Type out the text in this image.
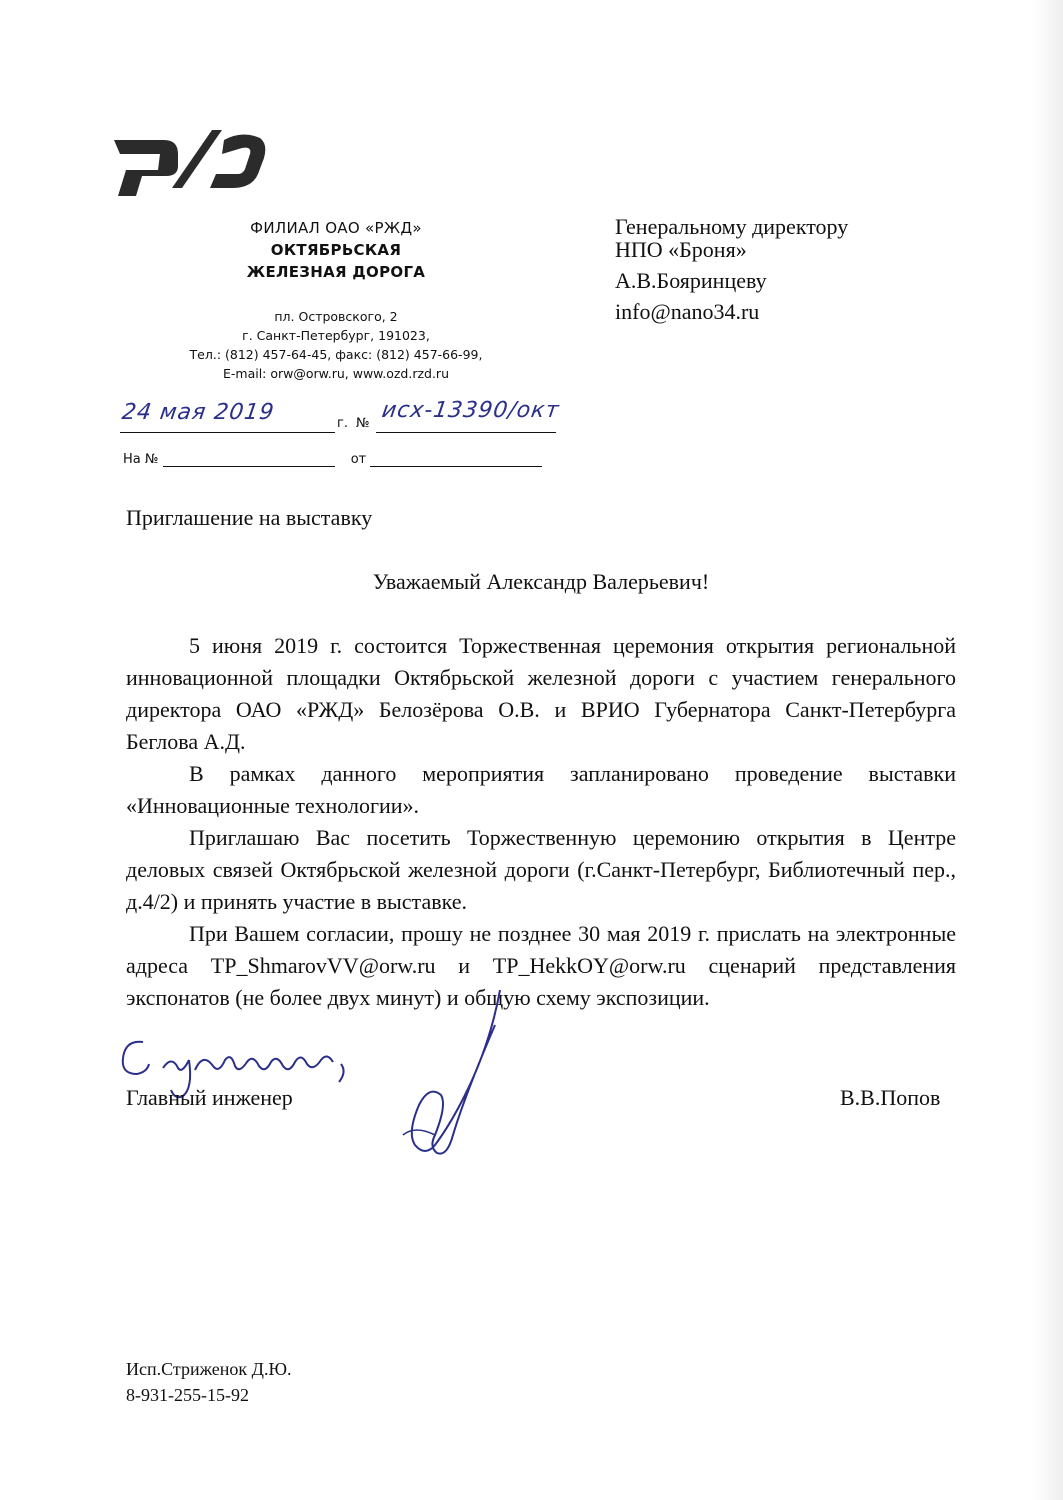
ФИЛИАЛ ОАО «РЖД»
ОКТЯБРЬСКАЯ
ЖЕЛЕЗНАЯ ДОРОГА
пл. Островского, 2
г. Санкт-Петербург, 191023,
Тел.: (812) 457-64-45, факс: (812) 457-66-99,
E-mail: orw@orw.ru, www.ozd.rzd.ru
Генеральному директору
НПО «Броня»
А.В.Бояринцеву
info@nano34.ru
24 мая 2019	г. №
исх-13390/окт
На №	от
Приглашение на выставку
Уважаемый Александр Валерьевич!

5 июня 2019 г. состоится Торжественная церемония открытия региональной инновационной площадки Октябрьской железной дороги с участием генерального директора ОАО «РЖД» Белозёрова О.В. и ВРИО Губернатора Санкт-Петербурга Беглова А.Д.

В рамках данного мероприятия запланировано проведение выставки «Инновационные технологии».

Приглашаю Вас посетить Торжественную церемонию открытия в Центре деловых связей Октябрьской железной дороги (г.Санкт-Петербург, Библиотечный пер., д.4/2) и принять участие в выставке.

При Вашем согласии, прошу не позднее 30 мая 2019 г. прислать на электронные адреса TP_ShmarovVV@orw.ru и TP_HekkOY@orw.ru сценарий представления экспонатов (не более двух минут) и общую схему экспозиции.

Главный инженер	В.В.Попов
Исп.Стриженок Д.Ю.
8-931-255-15-92
